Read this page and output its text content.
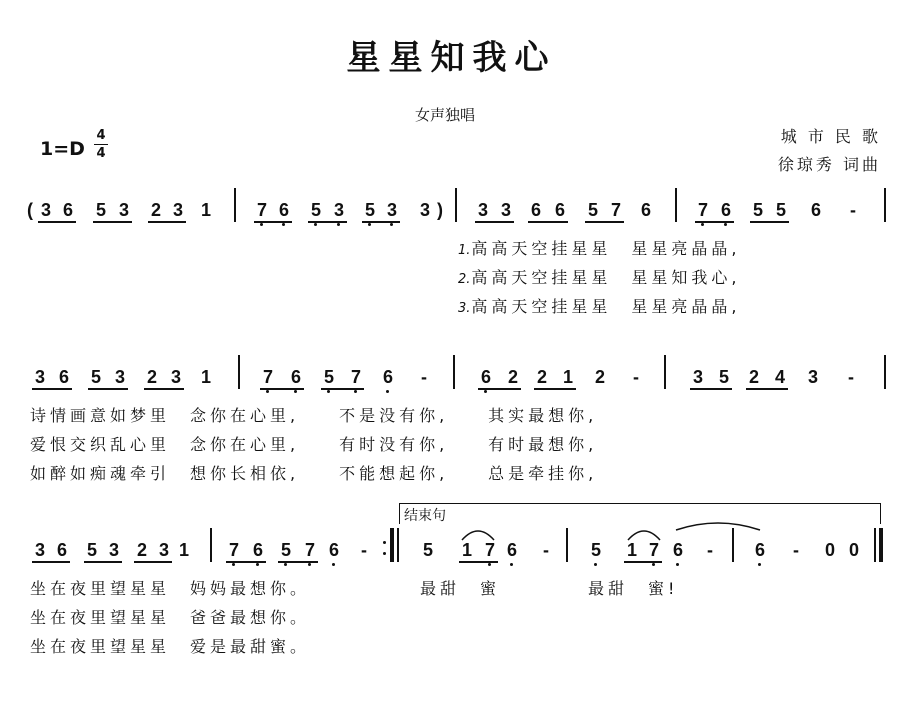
星星知我心
女声独唱
城 市 民 歌
徐琼秀 词曲
1=D
4
4
( 3 6 5 3 2 3 1	7 6 5 3 5 3 3 ) 3 3 6 6 5 7 6	7 6 5 5 6 -
1.高高天空挂星星　星星亮晶晶,
2.高高天空挂星星　星星知我心,
3.高高天空挂星星　星星亮晶晶,
3 6 5 3 2 3 1	7 6 5 7 6 -	6 2 2 1 2 -	3 5 2 4 3 -
诗情画意如梦里　念你在心里,　　不是没有你,　　其实最想你,
爱恨交织乱心里　念你在心里,　　有时没有你,　　有时最想你,
如醉如痴魂牵引　想你长相依,　　不能想起你,　　总是牵挂你,
结束句
3 6 5 3 2 3 1 7 6 5 7 6 -	5 1 7 6 - 5 1 7 6 - 6 - 0 0
坐在夜里望星星　妈妈最想你。	最甜　蜜	最甜　蜜!
坐在夜里望星星　爸爸最想你。
坐在夜里望星星　爱是最甜蜜。
